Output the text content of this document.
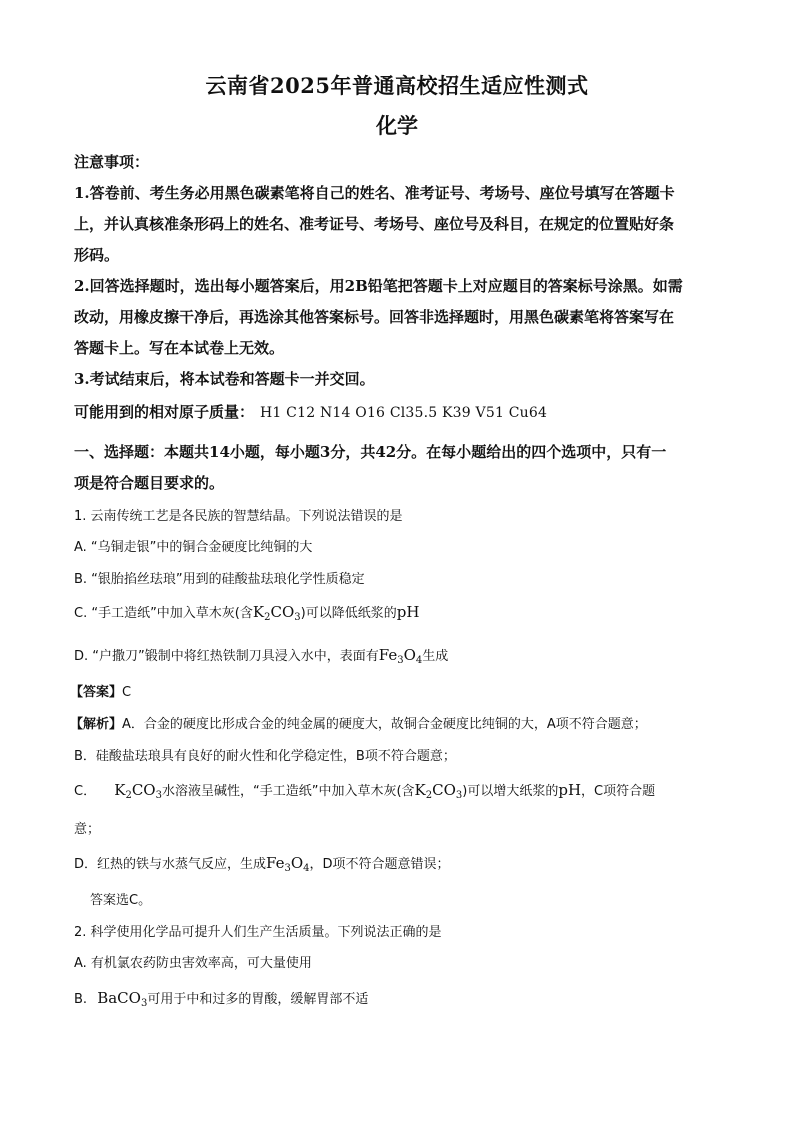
云南省2025年普通高校招生适应性测式
化学
注意事项：
1.答卷前、考生务必用黑色碳素笔将自己的姓名、准考证号、考场号、座位号填写在答题卡
上，并认真核准条形码上的姓名、准考证号、考场号、座位号及科目，在规定的位置贴好条
形码。
2.回答选择题时，选出每小题答案后，用2B铅笔把答题卡上对应题目的答案标号涂黑。如需
改动，用橡皮擦干净后，再选涂其他答案标号。回答非选择题时，用黑色碳素笔将答案写在
答题卡上。写在本试卷上无效。
3.考试结束后，将本试卷和答题卡一并交回。
可能用到的相对原子质量： H1 C12 N14 O16 Cl35.5 K39 V51 Cu64
一、选择题：本题共14小题，每小题3分，共42分。在每小题给出的四个选项中，只有一
项是符合题目要求的。
1. 云南传统工艺是各民族的智慧结晶。下列说法错误的是
A. “乌铜走银”中的铜合金硬度比纯铜的大
B. “银胎掐丝珐琅”用到的硅酸盐珐琅化学性质稳定
C. “手工造纸”中加入草木灰(含$K_2CO_3$)可以降低纸浆的pH
D. “户撒刀”锻制中将红热铁制刀具浸入水中，表面有$Fe_3O_4$生成
【答案】C
【解析】A．合金的硬度比形成合金的纯金属的硬度大，故铜合金硬度比纯铜的大，A项不符合题意；
B．硅酸盐珐琅具有良好的耐火性和化学稳定性，B项不符合题意；
C． $K_2CO_3$水溶液呈碱性，“手工造纸”中加入草木灰(含$K_2CO_3$)可以增大纸浆的pH，C项符合题
意；
D．红热的铁与水蒸气反应，生成$Fe_3O_4$，D项不符合题意错误；
答案选C。
2. 科学使用化学品可提升人们生产生活质量。下列说法正确的是
A. 有机氯农药防虫害效率高，可大量使用
B. BaCO$_3$可用于中和过多的胃酸，缓解胃部不适
